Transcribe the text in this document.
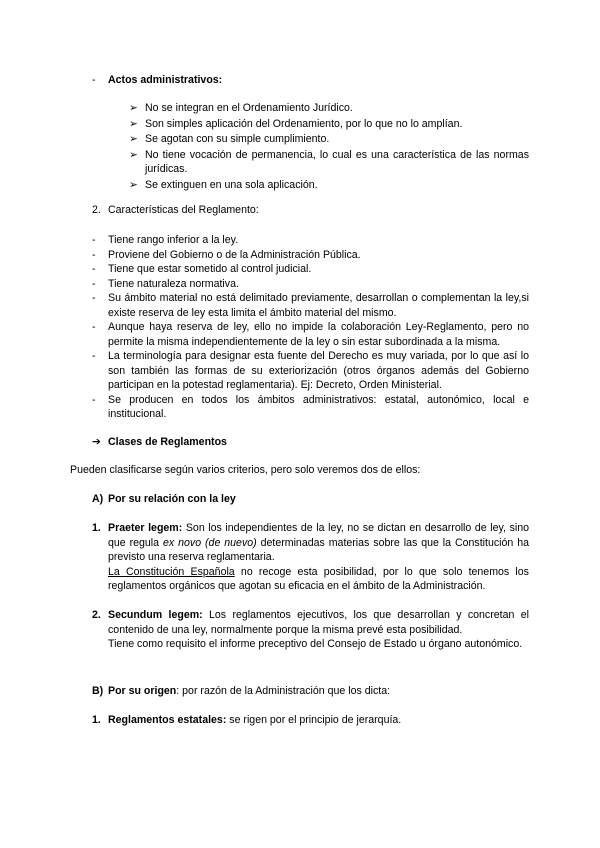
- Actos administrativos:
➢ No se integran en el Ordenamiento Jurídico.
➢ Son simples aplicación del Ordenamiento, por lo que no lo amplían.
➢ Se agotan con su simple cumplimiento.
➢ No tiene vocación de permanencia, lo cual es una característica de las normas jurídicas.
➢ Se extinguen en una sola aplicación.
2. Características del Reglamento:
- Tiene rango inferior a la ley.
- Proviene del Gobierno o de la Administración Pública.
- Tiene que estar sometido al control judicial.
- Tiene naturaleza normativa.
- Su ámbito material no está delimitado previamente, desarrollan o complementan la ley,si existe reserva de ley esta limita el ámbito material del mismo.
- Aunque haya reserva de ley, ello no impide la colaboración Ley-Reglamento, pero no permite la misma independientemente de la ley o sin estar subordinada a la misma.
- La terminología para designar esta fuente del Derecho es muy variada, por lo que así lo son también las formas de su exteriorización (otros órganos además del Gobierno participan en la potestad reglamentaria). Ej: Decreto, Orden Ministerial.
- Se producen en todos los ámbitos administrativos: estatal, autonómico, local e institucional.
➔ Clases de Reglamentos
Pueden clasificarse según varios criterios, pero solo veremos dos de ellos:
A) Por su relación con la ley
1. Praeter legem: Son los independientes de la ley, no se dictan en desarrollo de ley, sino que regula ex novo (de nuevo) determinadas materias sobre las que la Constitución ha previsto una reserva reglamentaria.
La Constitución Española no recoge esta posibilidad, por lo que solo tenemos los reglamentos orgánicos que agotan su eficacia en el ámbito de la Administración.
2. Secundum legem: Los reglamentos ejecutivos, los que desarrollan y concretan el contenido de una ley, normalmente porque la misma prevé esta posibilidad.
Tiene como requisito el informe preceptivo del Consejo de Estado u órgano autonómico.
B) Por su origen: por razón de la Administración que los dicta:
1. Reglamentos estatales: se rigen por el principio de jerarquía.
